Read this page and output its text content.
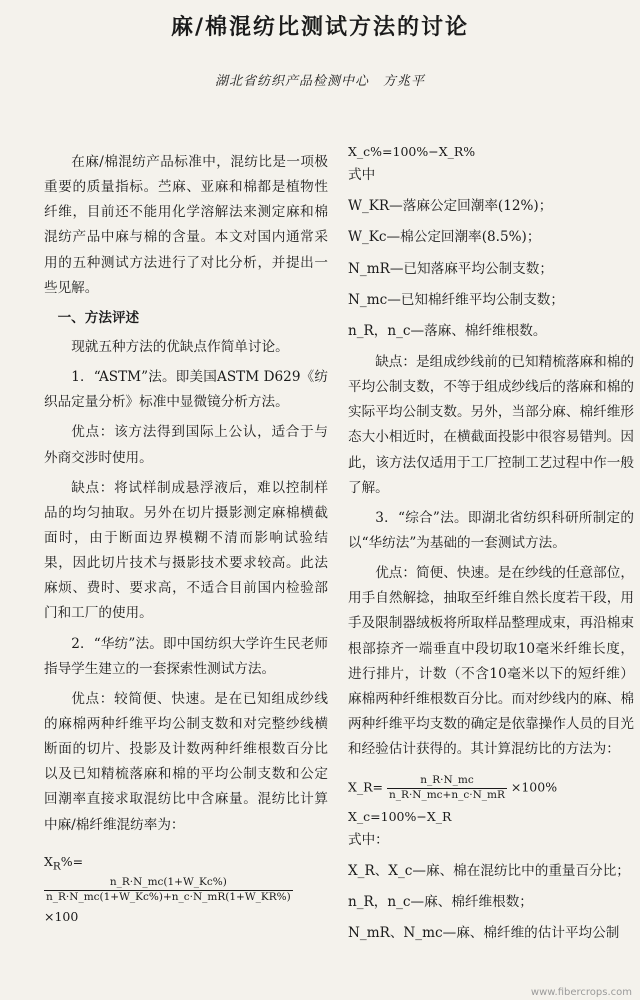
麻/棉混纺比测试方法的讨论
湖北省纺织产品检测中心　方兆平

在麻/棉混纺产品标准中，混纺比是一项极重要的质量指标。苎麻、亚麻和棉都是植物性纤维，目前还不能用化学溶解法来测定麻和棉混纺产品中麻与棉的含量。本文对国内通常采用的五种测试方法进行了对比分析，并提出一些见解。

一、方法评述

现就五种方法的优缺点作简单讨论。

1．“ASTM”法。即美国ASTM D629《纺织品定量分析》标准中显微镜分析方法。

优点：该方法得到国际上公认，适合于与外商交涉时使用。

缺点：将试样制成悬浮液后，难以控制样品的均匀抽取。另外在切片摄影测定麻棉横截面时，由于断面边界模糊不清而影响试验结果，因此切片技术与摄影技术要求较高。此法麻烦、费时、要求高，不适合目前国内检验部门和工厂的使用。

2．“华纺”法。即中国纺织大学许生民老师指导学生建立的一套探索性测试方法。

优点：较简便、快速。是在已知组成纱线的麻棉两种纤维平均公制支数和对完整纱线横断面的切片、投影及计数两种纤维根数百分比以及已知精梳落麻和棉的平均公制支数和公定回潮率直接求取混纺比中含麻量。混纺比计算中麻/棉纤维混纺率为：

$X_R\%=$
$\frac{n\_R\cdot N\_mc(1+W\_Kc\%)}{n\_R\cdot N\_mc(1+W\_Kc\%)+n\_c\cdot N\_mR(1+W\_KR\%)}$
×100
X_c%=100%−X_R%

式中

W_KR—落麻公定回潮率(12%)；

W_Kc—棉公定回潮率(8.5%)；

N_mR—已知落麻平均公制支数；

N_mc—已知棉纤维平均公制支数；

n_R，n_c—落麻、棉纤维根数。

缺点：是组成纱线前的已知精梳落麻和棉的平均公制支数，不等于组成纱线后的落麻和棉的实际平均公制支数。另外，当部分麻、棉纤维形态大小相近时，在横截面投影中很容易错判。因此，该方法仅适用于工厂控制工艺过程中作一般了解。

3．“综合”法。即湖北省纺织科研所制定的以“华纺法”为基础的一套测试方法。

优点：简便、快速。是在纱线的任意部位，用手自然解捻，抽取至纤维自然长度若干段，用手及限制器绒板将所取样品整理成束，再沿棉束根部捺齐一端垂直中段切取10毫米纤维长度，进行排片，计数（不含10毫米以下的短纤维）麻棉两种纤维根数百分比。而对纱线内的麻、棉两种纤维平均支数的确定是依靠操作人员的目光和经验估计获得的。其计算混纺比的方法为：

X_R= $\frac{n\_R\cdot N\_mc}{n\_R\cdot N\_mc+n\_c\cdot N\_mR} \times 100\%$
X_c=100%−X_R

式中：

X_R、X_c—麻、棉在混纺比中的重量百分比；

n_R，n_c—麻、棉纤维根数；

N_mR、N_mc—麻、棉纤维的估计平均公制

www.fibercrops.com
